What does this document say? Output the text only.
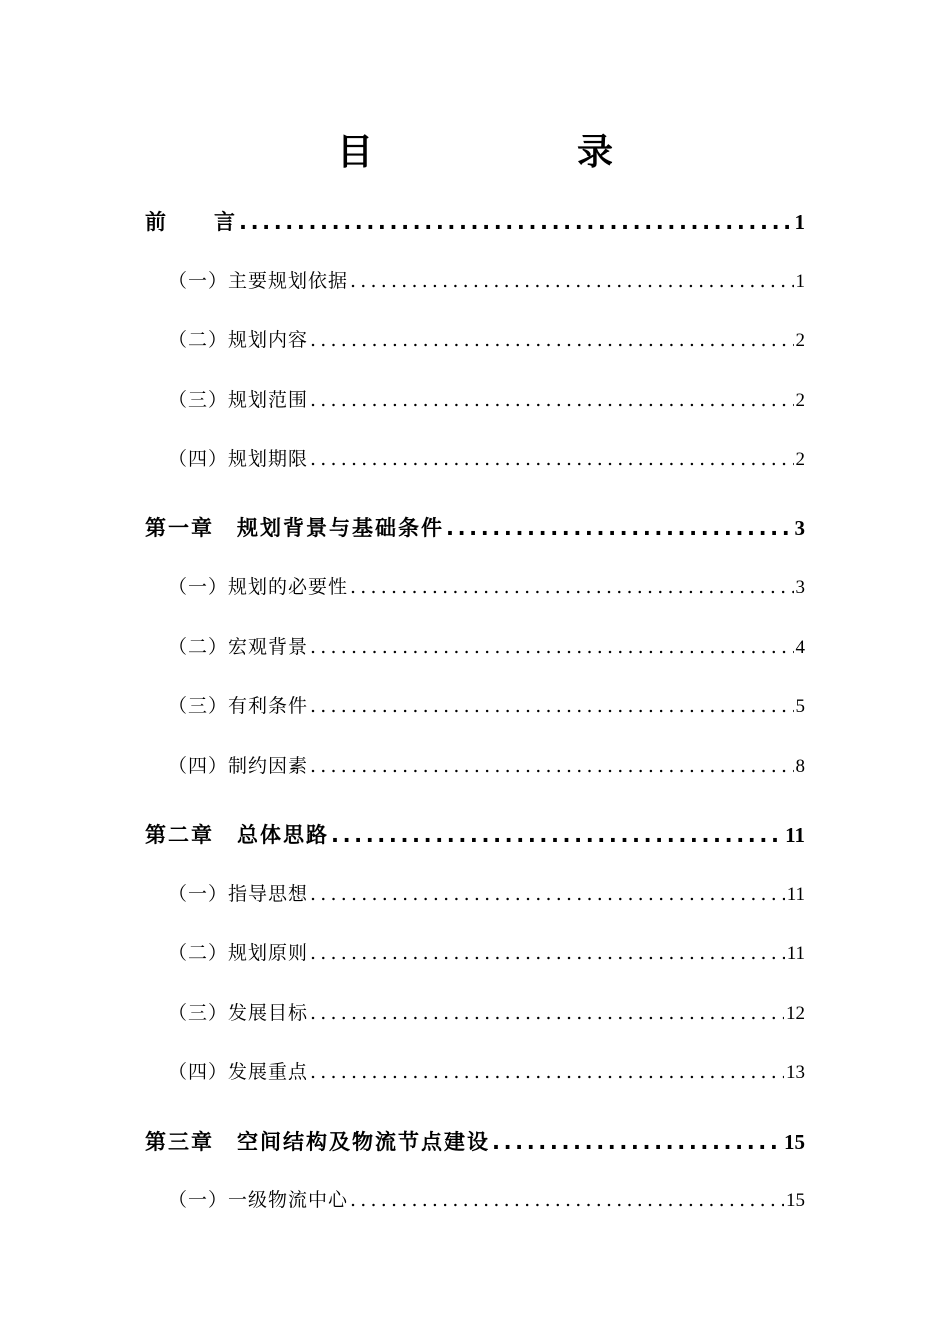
目　　录
前　　言 .....	1
（一）主要规划依据 .....	1
（二）规划内容 .....	2
（三）规划范围 .....	2
（四）规划期限 .....	2
第一章　规划背景与基础条件 .....	3
（一）规划的必要性 .....	3
（二）宏观背景 .....	4
（三）有利条件 .....	5
（四）制约因素 .....	8
第二章　总体思路 .....	11
（一）指导思想 .....	11
（二）规划原则 .....	11
（三）发展目标 .....	12
（四）发展重点 .....	13
第三章　空间结构及物流节点建设 .....	15
（一）一级物流中心 .....	15
